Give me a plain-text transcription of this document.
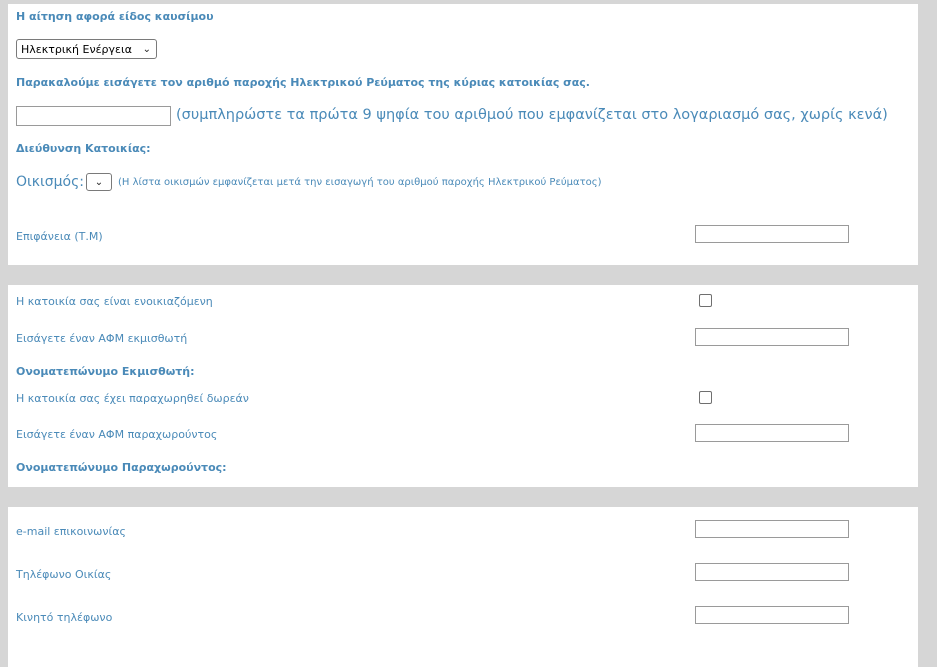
Η αίτηση αφορά είδος καυσίμου
Ηλεκτρική Ενέργεια ⌄
Παρακαλούμε εισάγετε τον αριθμό παροχής Ηλεκτρικού Ρεύματος της κύριας κατοικίας σας.
(συμπληρώστε τα πρώτα 9 ψηφία του αριθμού που εμφανίζεται στο λογαριασμό σας, χωρίς κενά)
Διεύθυνση Κατοικίας:
Οικισμός: ⌄ (Η λίστα οικισμών εμφανίζεται μετά την εισαγωγή του αριθμού παροχής Ηλεκτρικού Ρεύματος)
Επιφάνεια (Τ.Μ)
Η κατοικία σας είναι ενοικιαζόμενη
Εισάγετε έναν ΑΦΜ εκμισθωτή
Ονοματεπώνυμο Εκμισθωτή:
Η κατοικία σας έχει παραχωρηθεί δωρεάν
Εισάγετε έναν ΑΦΜ παραχωρούντος
Ονοματεπώνυμο Παραχωρούντος:
e-mail επικοινωνίας
Τηλέφωνο Οικίας
Κινητό τηλέφωνο
